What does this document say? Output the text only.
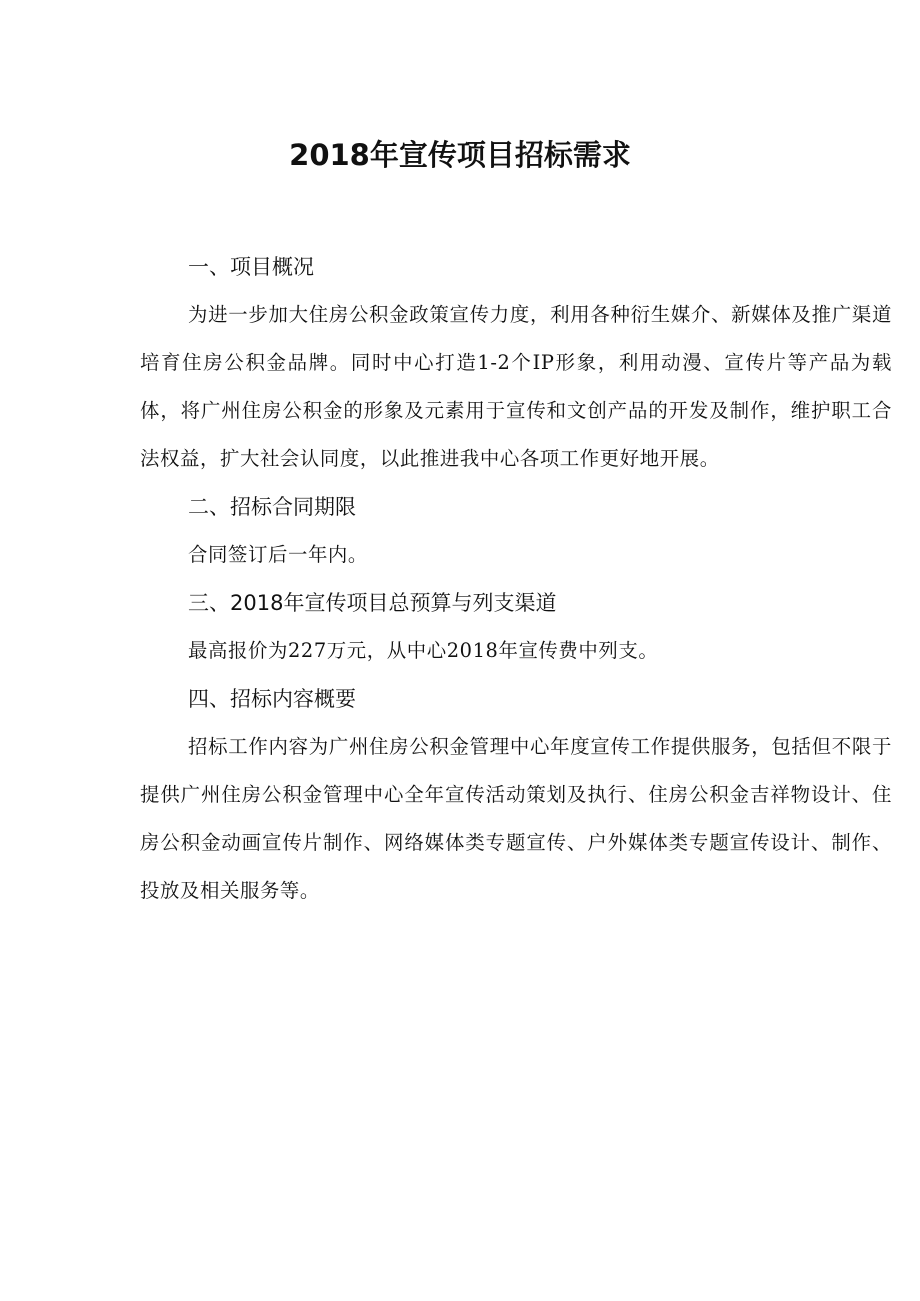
2018年宣传项目招标需求
一、项目概况

为进一步加大住房公积金政策宣传力度，利用各种衍生媒介、新媒体及推广渠道培育住房公积金品牌。同时中心打造1-2个IP形象，利用动漫、宣传片等产品为载体，将广州住房公积金的形象及元素用于宣传和文创产品的开发及制作，维护职工合法权益，扩大社会认同度，以此推进我中心各项工作更好地开展。

二、招标合同期限

合同签订后一年内。

三、2018年宣传项目总预算与列支渠道

最高报价为227万元，从中心2018年宣传费中列支。

四、招标内容概要

招标工作内容为广州住房公积金管理中心年度宣传工作提供服务，包括但不限于提供广州住房公积金管理中心全年宣传活动策划及执行、住房公积金吉祥物设计、住房公积金动画宣传片制作、网络媒体类专题宣传、户外媒体类专题宣传设计、制作、投放及相关服务等。
